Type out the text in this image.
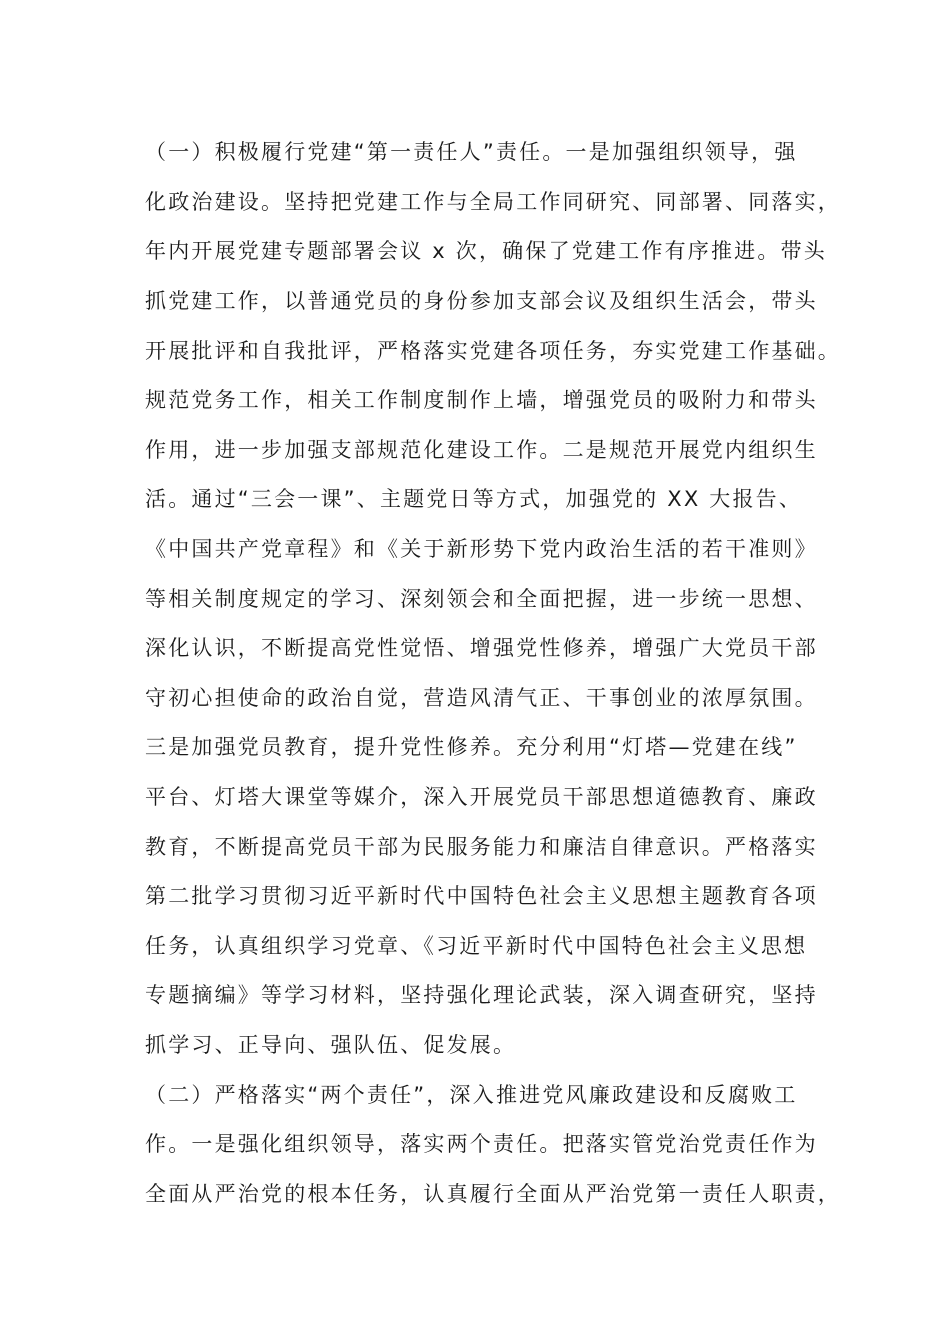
（一）积极履行党建“第一责任人”责任。一是加强组织领导，强

化政治建设。坚持把党建工作与全局工作同研究、同部署、同落实，

年内开展党建专题部署会议 x 次，确保了党建工作有序推进。带头

抓党建工作，以普通党员的身份参加支部会议及组织生活会，带头

开展批评和自我批评，严格落实党建各项任务，夯实党建工作基础。

规范党务工作，相关工作制度制作上墙，增强党员的吸附力和带头

作用，进一步加强支部规范化建设工作。二是规范开展党内组织生

活。通过“三会一课”、主题党日等方式，加强党的 XX 大报告、

《中国共产党章程》和《关于新形势下党内政治生活的若干准则》

等相关制度规定的学习、深刻领会和全面把握，进一步统一思想、

深化认识，不断提高党性觉悟、增强党性修养，增强广大党员干部

守初心担使命的政治自觉，营造风清气正、干事创业的浓厚氛围。

三是加强党员教育，提升党性修养。充分利用“灯塔—党建在线”

平台、灯塔大课堂等媒介，深入开展党员干部思想道德教育、廉政

教育，不断提高党员干部为民服务能力和廉洁自律意识。严格落实

第二批学习贯彻习近平新时代中国特色社会主义思想主题教育各项

任务，认真组织学习党章、《习近平新时代中国特色社会主义思想

专题摘编》等学习材料，坚持强化理论武装，深入调查研究，坚持

抓学习、正导向、强队伍、促发展。

（二）严格落实“两个责任”，深入推进党风廉政建设和反腐败工

作。一是强化组织领导，落实两个责任。把落实管党治党责任作为

全面从严治党的根本任务，认真履行全面从严治党第一责任人职责，
